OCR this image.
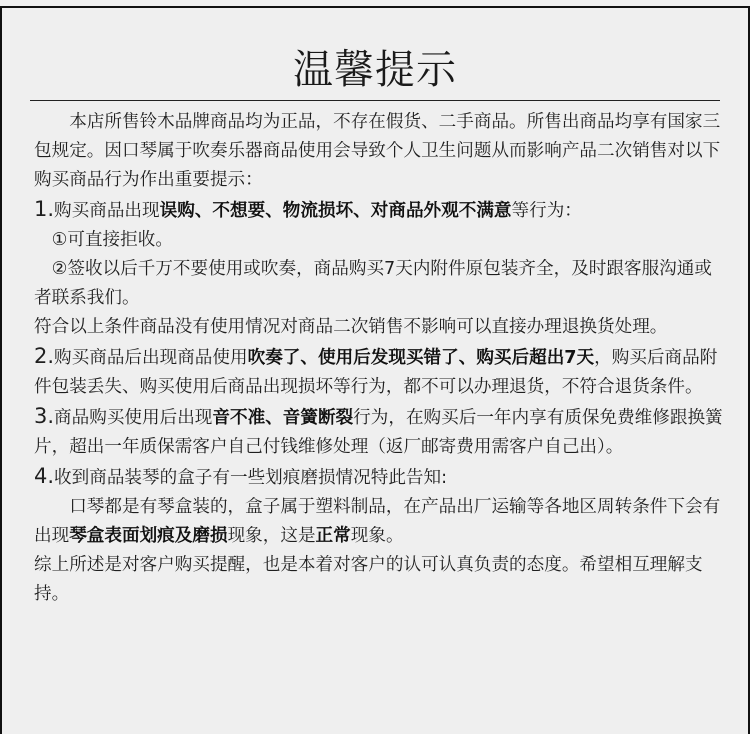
温馨提示

　　本店所售铃木品牌商品均为正品，不存在假货、二手商品。所售出商品均享有国家三包规定。因口琴属于吹奏乐器商品使用会导致个人卫生问题从而影响产品二次销售对以下购买商品行为作出重要提示：

1.购买商品出现误购、不想要、物流损坏、对商品外观不满意等行为：

　①可直接拒收。

　②签收以后千万不要使用或吹奏，商品购买7天内附件原包装齐全，及时跟客服沟通或者联系我们。

符合以上条件商品没有使用情况对商品二次销售不影响可以直接办理退换货处理。

2.购买商品后出现商品使用吹奏了、使用后发现买错了、购买后超出7天，购买后商品附件包装丢失、购买使用后商品出现损坏等行为，都不可以办理退货，不符合退货条件。

3.商品购买使用后出现音不准、音簧断裂行为，在购买后一年内享有质保免费维修跟换簧片，超出一年质保需客户自己付钱维修处理（返厂邮寄费用需客户自己出）。

4.收到商品装琴的盒子有一些划痕磨损情况特此告知:

　　口琴都是有琴盒装的，盒子属于塑料制品，在产品出厂运输等各地区周转条件下会有出现琴盒表面划痕及磨损现象，这是正常现象。

综上所述是对客户购买提醒，也是本着对客户的认可认真负责的态度。希望相互理解支持。
